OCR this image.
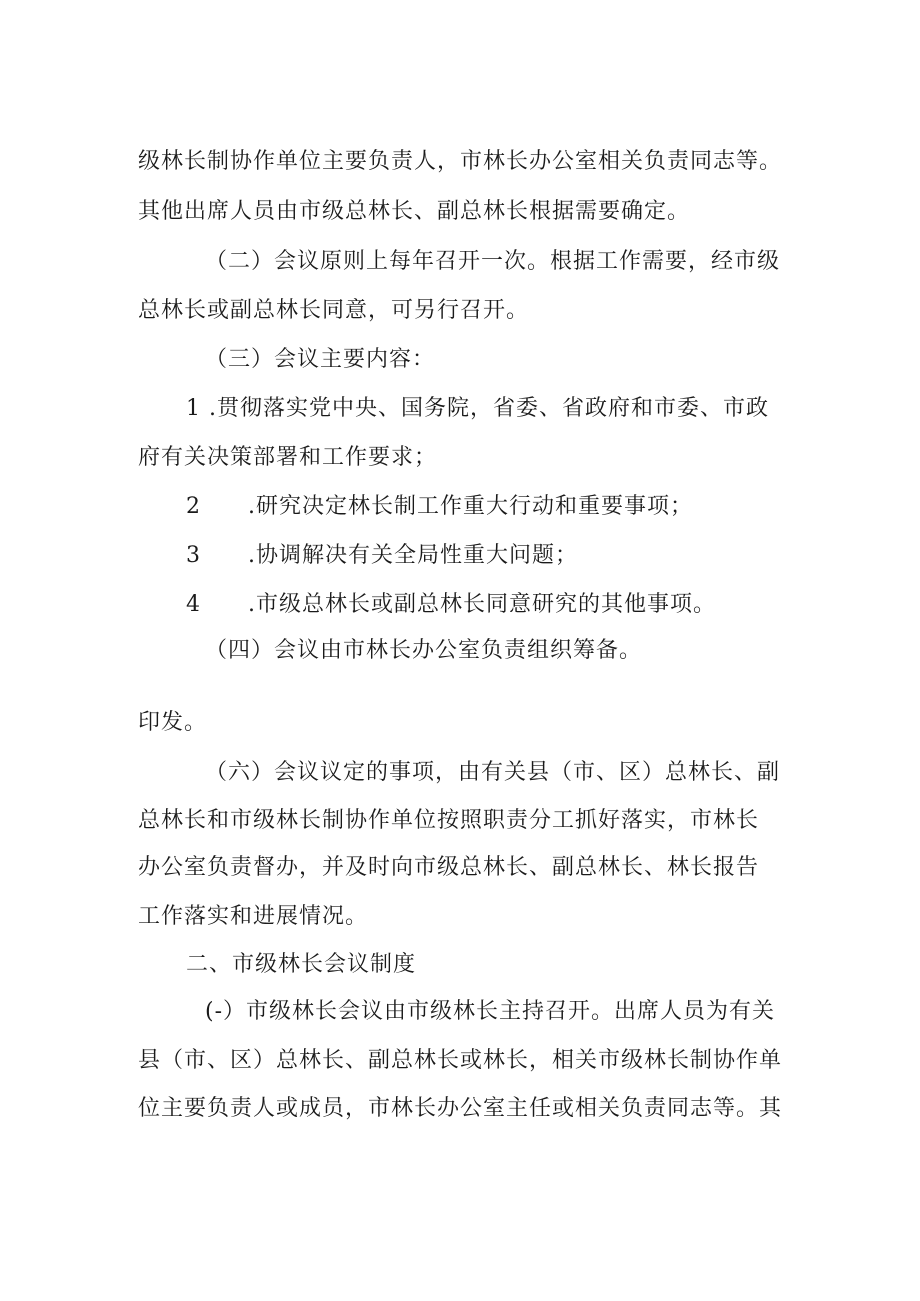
级林长制协作单位主要负责人，市林长办公室相关负责同志等。
其他出席人员由市级总林长、副总林长根据需要确定。
（二）会议原则上每年召开一次。根据工作需要，经市级
总林长或副总林长同意，可另行召开。
（三）会议主要内容：
1 .贯彻落实党中央、国务院，省委、省政府和市委、市政
府有关决策部署和工作要求；
2 .研究决定林长制工作重大行动和重要事项；
3 .协调解决有关全局性重大问题；
4 .市级总林长或副总林长同意研究的其他事项。
（四）会议由市林长办公室负责组织筹备。
印发。
（六）会议议定的事项，由有关县（市、区）总林长、副
总林长和市级林长制协作单位按照职责分工抓好落实，市林长
办公室负责督办，并及时向市级总林长、副总林长、林长报告
工作落实和进展情况。
二、市级林长会议制度
(-）市级林长会议由市级林长主持召开。出席人员为有关
县（市、区）总林长、副总林长或林长，相关市级林长制协作单
位主要负责人或成员，市林长办公室主任或相关负责同志等。其
